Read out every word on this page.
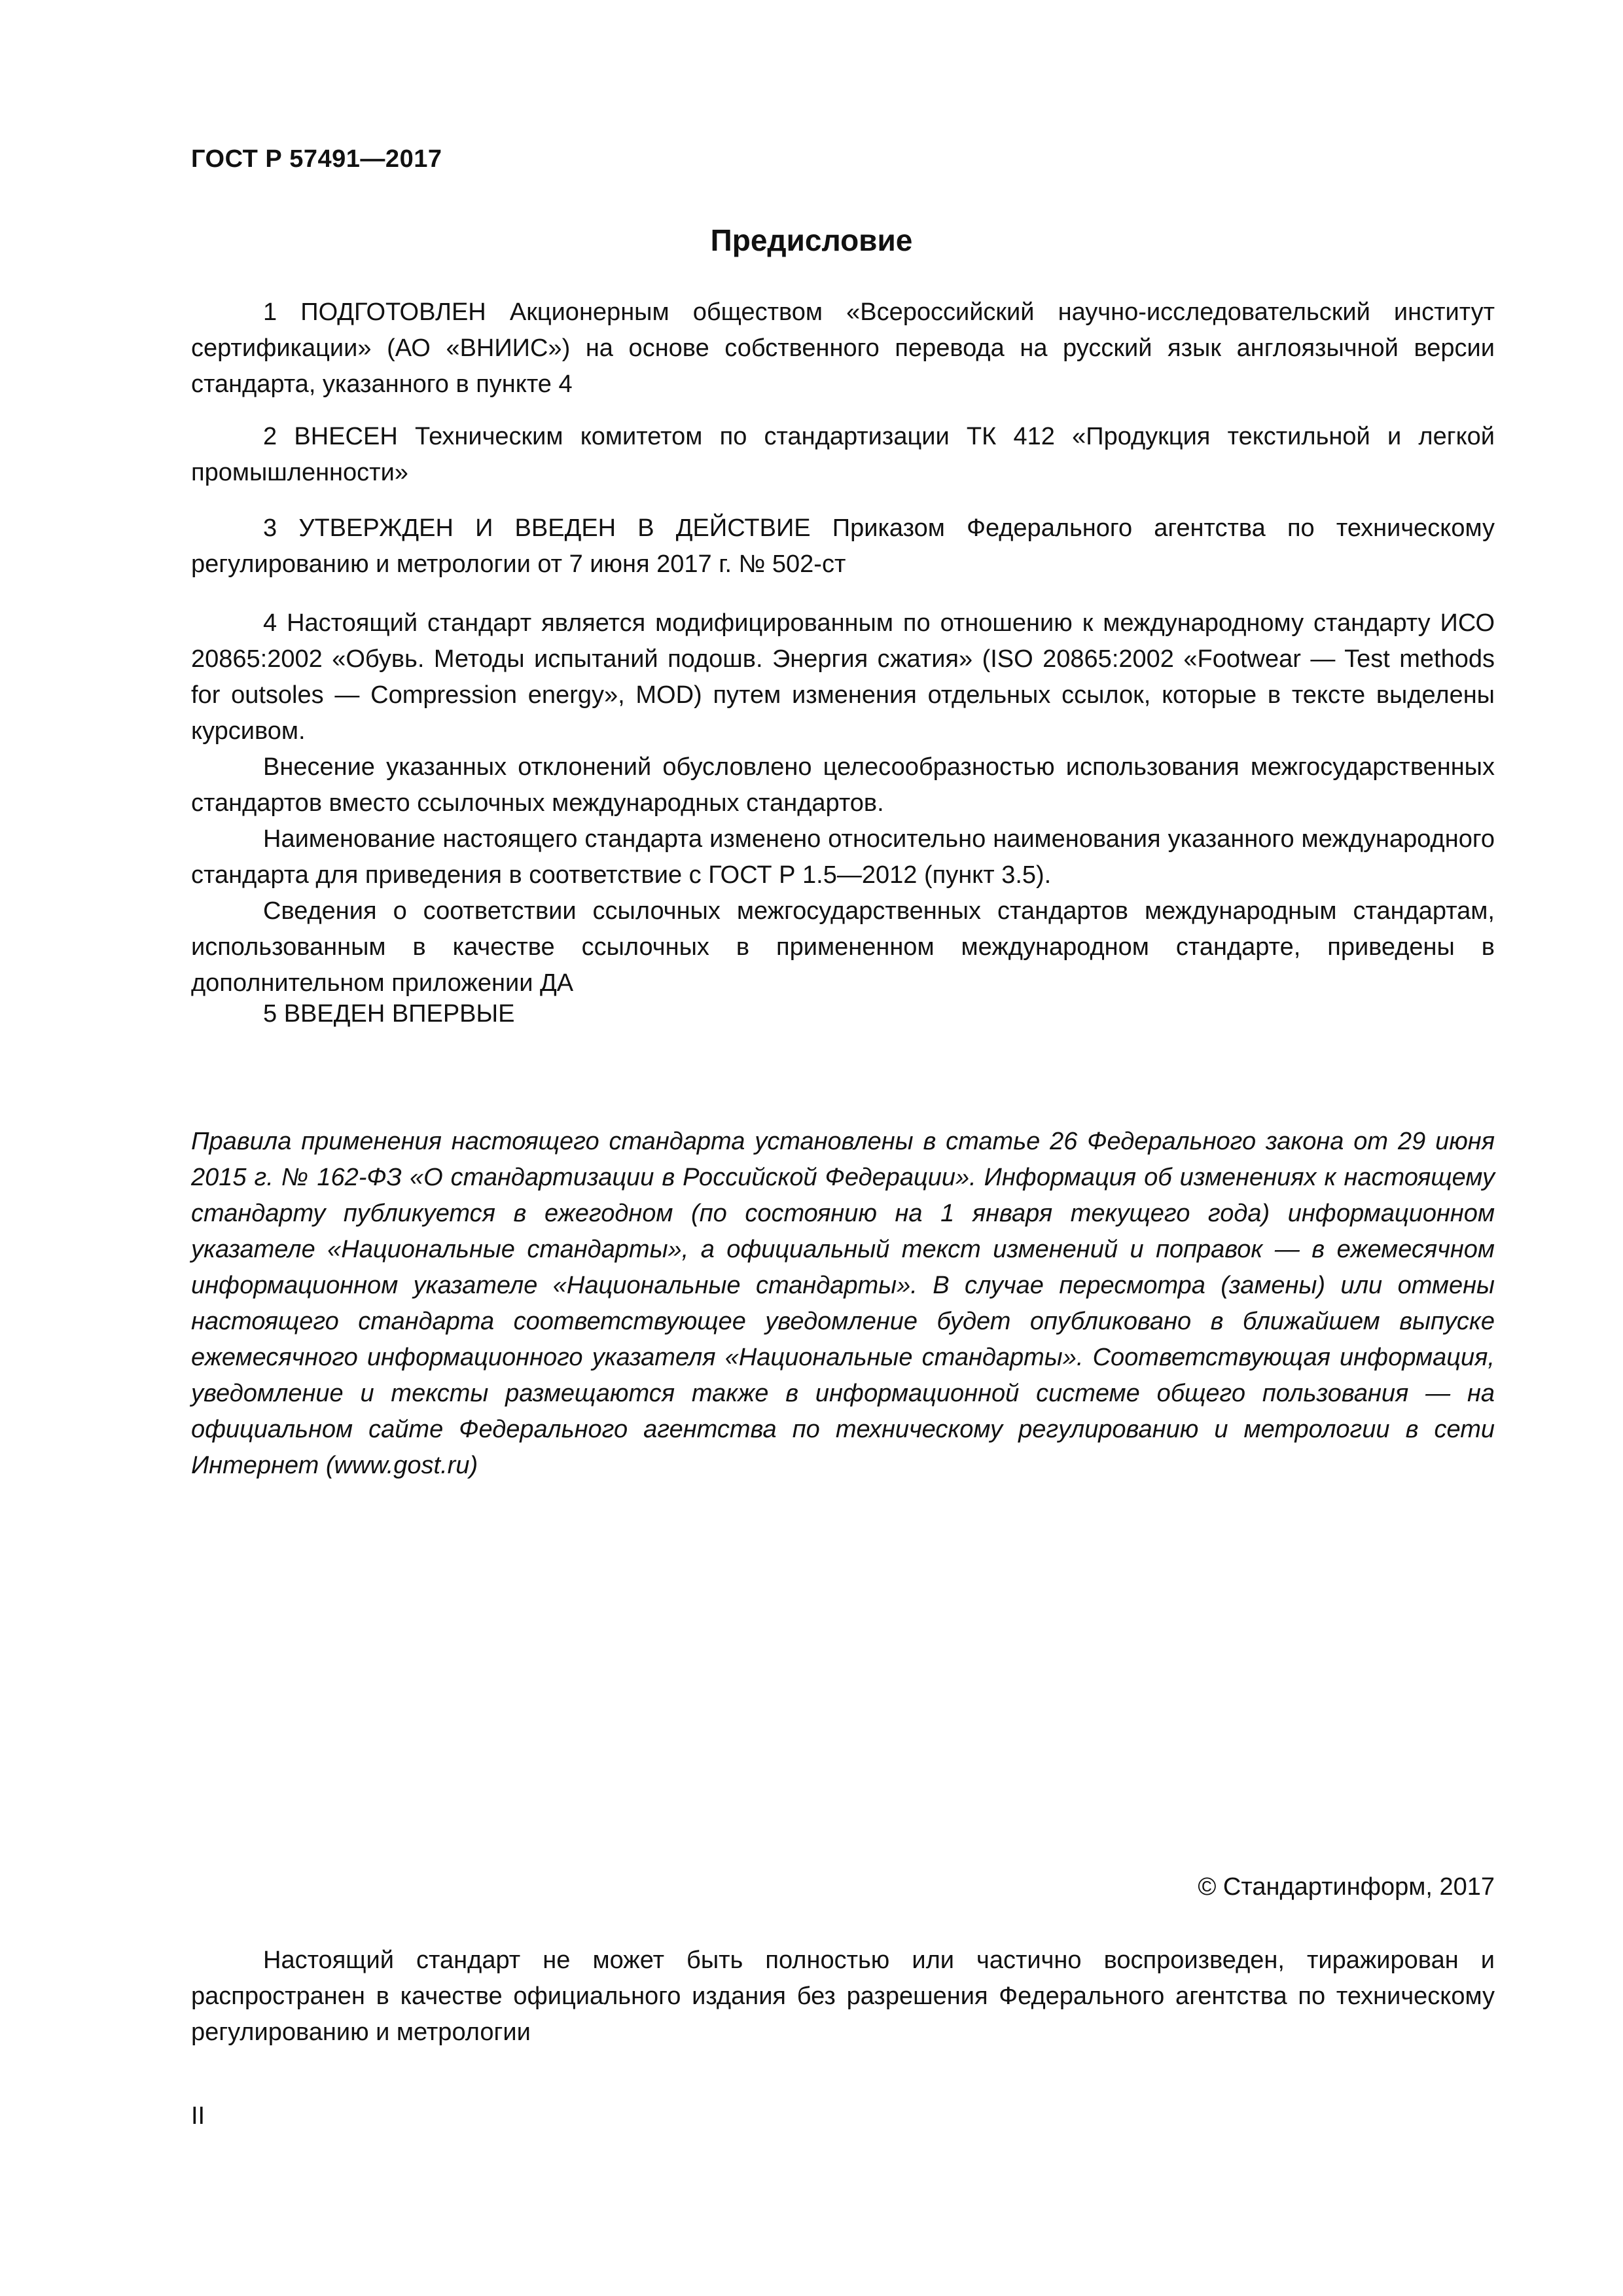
ГОСТ Р 57491—2017
Предисловие

1 ПОДГОТОВЛЕН Акционерным обществом «Всероссийский научно-исследовательский институт сертификации» (АО «ВНИИС») на основе собственного перевода на русский язык англоязычной версии стандарта, указанного в пункте 4

2 ВНЕСЕН Техническим комитетом по стандартизации ТК 412 «Продукция текстильной и легкой промышленности»

3 УТВЕРЖДЕН И ВВЕДЕН В ДЕЙСТВИЕ Приказом Федерального агентства по техническому регулированию и метрологии от 7 июня 2017 г. № 502-ст

4 Настоящий стандарт является модифицированным по отношению к международному стандарту ИСО 20865:2002 «Обувь. Методы испытаний подошв. Энергия сжатия» (ISO 20865:2002 «Footwear — Test methods for outsoles — Compression energy», MOD) путем изменения отдельных ссылок, которые в тексте выделены курсивом.

Внесение указанных отклонений обусловлено целесообразностью использования межгосударственных стандартов вместо ссылочных международных стандартов.

Наименование настоящего стандарта изменено относительно наименования указанного международного стандарта для приведения в соответствие с ГОСТ Р 1.5—2012 (пункт 3.5).

Сведения о соответствии ссылочных межгосударственных стандартов международным стандартам, использованным в качестве ссылочных в примененном международном стандарте, приведены в дополнительном приложении ДА

5 ВВЕДЕН ВПЕРВЫЕ

Правила применения настоящего стандарта установлены в статье 26 Федерального закона от 29 июня 2015 г. № 162-ФЗ «О стандартизации в Российской Федерации». Информация об изменениях к настоящему стандарту публикуется в ежегодном (по состоянию на 1 января текущего года) информационном указателе «Национальные стандарты», а официальный текст изменений и поправок — в ежемесячном информационном указателе «Национальные стандарты». В случае пересмотра (замены) или отмены настоящего стандарта соответствующее уведомление будет опубликовано в ближайшем выпуске ежемесячного информационного указателя «Национальные стандарты». Соответствующая информация, уведомление и тексты размещаются также в информационной системе общего пользования — на официальном сайте Федерального агентства по техническому регулированию и метрологии в сети Интернет (www.gost.ru)

© Стандартинформ, 2017

Настоящий стандарт не может быть полностью или частично воспроизведен, тиражирован и распространен в качестве официального издания без разрешения Федерального агентства по техническому регулированию и метрологии

II
